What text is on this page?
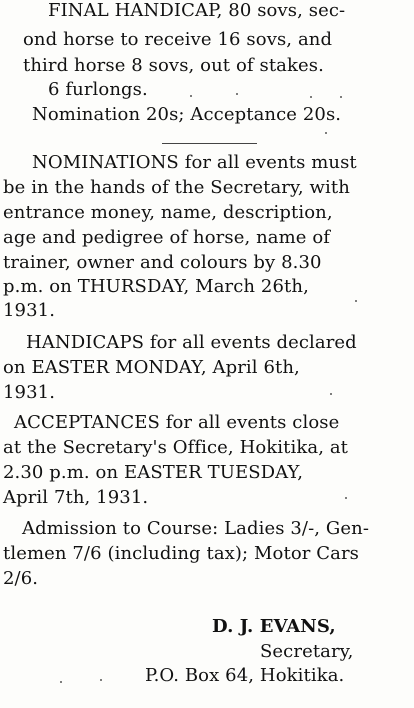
FINAL HANDICAP, 80 sovs, sec-
ond horse to receive 16 sovs, and
third horse 8 sovs, out of stakes.
6 furlongs.
Nomination 20s; Acceptance 20s.
NOMINATIONS for all events must
be in the hands of the Secretary, with
entrance money, name, description,
age and pedigree of horse, name of
trainer, owner and colours by 8.30
p.m. on THURSDAY, March 26th,
1931.
HANDICAPS for all events declared
on EASTER MONDAY, April 6th,
1931.
ACCEPTANCES for all events close
at the Secretary's Office, Hokitika, at
2.30 p.m. on EASTER TUESDAY,
April 7th, 1931.
Admission to Course: Ladies 3/-, Gen-
tlemen 7/6 (including tax); Motor Cars
2/6.
D. J. EVANS,
Secretary,
P.O. Box 64, Hokitika.
